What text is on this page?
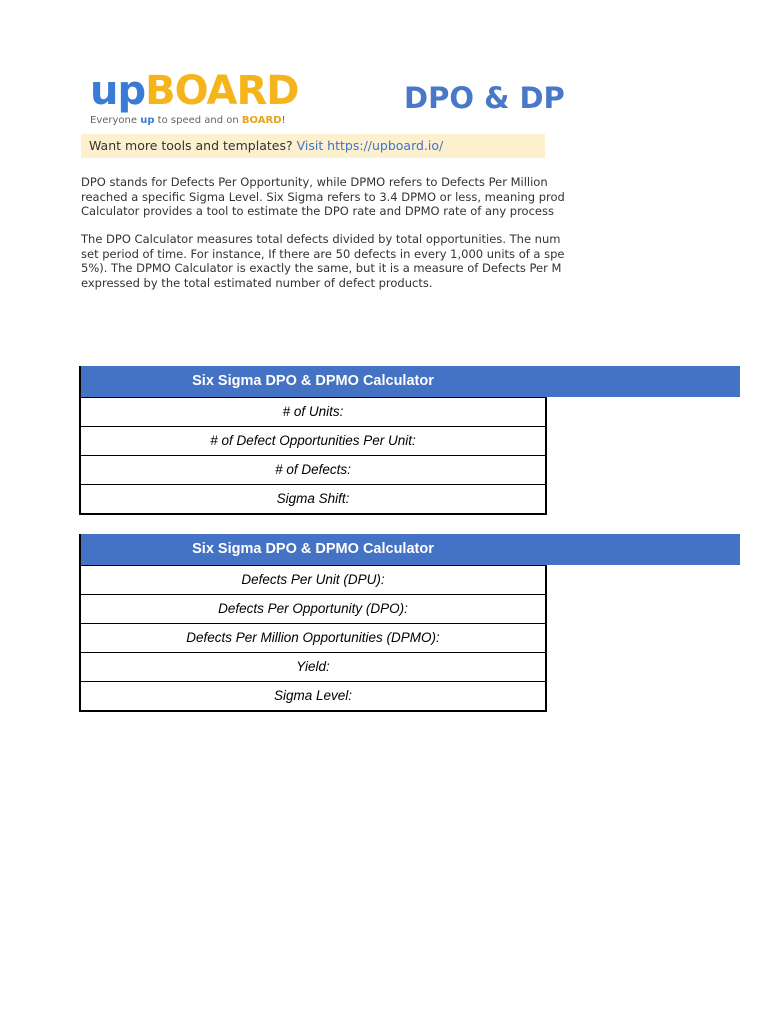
upBOARD
Everyone up to speed and on BOARD!
DPO & DP
Want more tools and templates? Visit https://upboard.io/
DPO stands for Defects Per Opportunity, while DPMO refers to Defects Per Million
reached a specific Sigma Level. Six Sigma refers to 3.4 DPMO or less, meaning prod
Calculator provides a tool to estimate the DPO rate and DPMO rate of any process
The DPO Calculator measures total defects divided by total opportunities. The num
set period of time. For instance, If there are 50 defects in every 1,000 units of a spe
5%). The DPMO Calculator is exactly the same, but it is a measure of Defects Per M
expressed by the total estimated number of defect products.
Six Sigma DPO & DPMO Calculator
# of Units:
# of Defect Opportunities Per Unit:
# of Defects:
Sigma Shift:
Six Sigma DPO & DPMO Calculator
Defects Per Unit (DPU):
Defects Per Opportunity (DPO):
Defects Per Million Opportunities (DPMO):
Yield:
Sigma Level:
